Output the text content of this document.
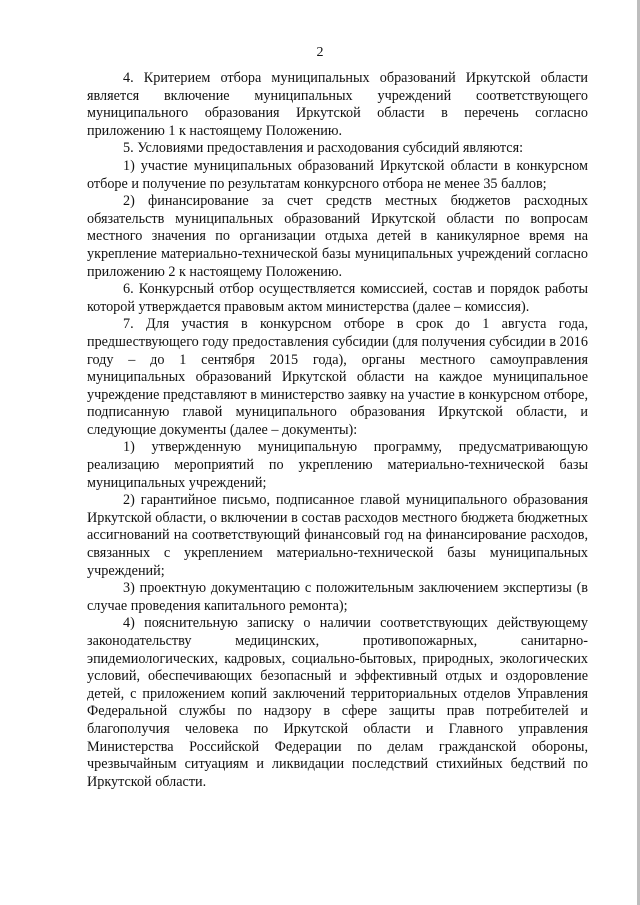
2

4. Критерием отбора муниципальных образований Иркутской области является включение муниципальных учреждений соответствующего муниципального образования Иркутской области в перечень согласно приложению 1 к настоящему Положению.

5. Условиями предоставления и расходования субсидий являются:

1) участие муниципальных образований Иркутской области в конкурсном отборе и получение по результатам конкурсного отбора не менее 35 баллов;

2) финансирование за счет средств местных бюджетов расходных обязательств муниципальных образований Иркутской области по вопросам местного значения по организации отдыха детей в каникулярное время на укрепление материально-технической базы муниципальных учреждений согласно приложению 2 к настоящему Положению.

6. Конкурсный отбор осуществляется комиссией, состав и порядок работы которой утверждается правовым актом министерства (далее – комиссия).

7. Для участия в конкурсном отборе в срок до 1 августа года, предшествующего году предоставления субсидии (для получения субсидии в 2016 году – до 1 сентября 2015 года), органы местного самоуправления муниципальных образований Иркутской области на каждое муниципальное учреждение представляют в министерство заявку на участие в конкурсном отборе, подписанную главой муниципального образования Иркутской области, и следующие документы (далее – документы):

1) утвержденную муниципальную программу, предусматривающую реализацию мероприятий по укреплению материально-технической базы муниципальных учреждений;

2) гарантийное письмо, подписанное главой муниципального образования Иркутской области, о включении в состав расходов местного бюджета бюджетных ассигнований на соответствующий финансовый год на финансирование расходов, связанных с укреплением материально-технической базы муниципальных учреждений;

3) проектную документацию с положительным заключением экспертизы (в случае проведения капитального ремонта);

4) пояснительную записку о наличии соответствующих действующему законодательству медицинских, противопожарных, санитарно-эпидемиологических, кадровых, социально-бытовых, природных, экологических условий, обеспечивающих безопасный и эффективный отдых и оздоровление детей, с приложением копий заключений территориальных отделов Управления Федеральной службы по надзору в сфере защиты прав потребителей и благополучия человека по Иркутской области и Главного управления Министерства Российской Федерации по делам гражданской обороны, чрезвычайным ситуациям и ликвидации последствий стихийных бедствий по Иркутской области.
